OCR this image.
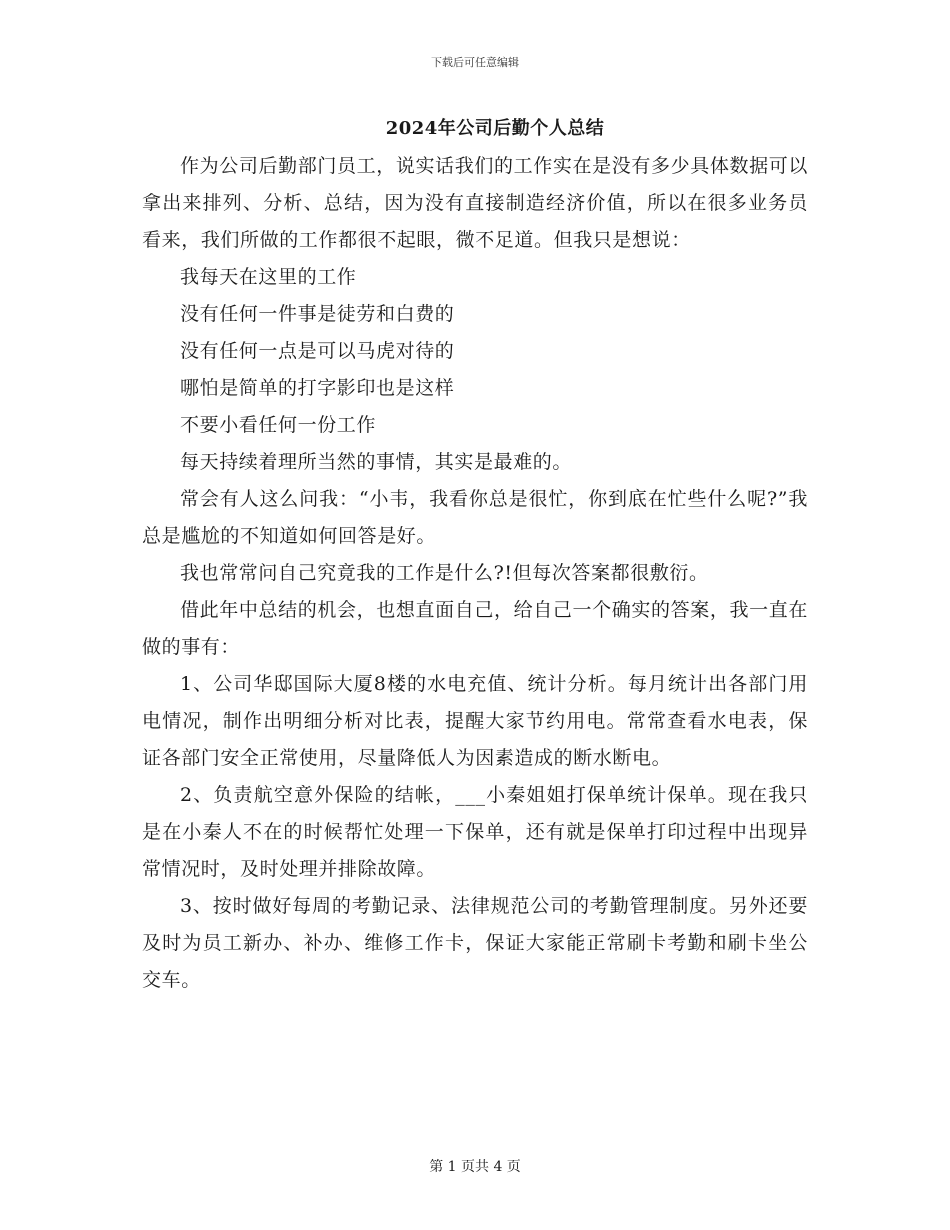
下载后可任意编辑
2024年公司后勤个人总结

作为公司后勤部门员工，说实话我们的工作实在是没有多少具体数据可以拿出来排列、分析、总结，因为没有直接制造经济价值，所以在很多业务员看来，我们所做的工作都很不起眼，微不足道。但我只是想说：

我每天在这里的工作

没有任何一件事是徒劳和白费的

没有任何一点是可以马虎对待的

哪怕是简单的打字影印也是这样

不要小看任何一份工作

每天持续着理所当然的事情，其实是最难的。

常会有人这么问我：“小韦，我看你总是很忙，你到底在忙些什么呢?”我总是尴尬的不知道如何回答是好。

我也常常问自己究竟我的工作是什么?!但每次答案都很敷衍。

借此年中总结的机会，也想直面自己，给自己一个确实的答案，我一直在做的事有：

1、公司华邸国际大厦8楼的水电充值、统计分析。每月统计出各部门用电情况，制作出明细分析对比表，提醒大家节约用电。常常查看水电表，保证各部门安全正常使用，尽量降低人为因素造成的断水断电。

2、负责航空意外保险的结帐，___小秦姐姐打保单统计保单。现在我只是在小秦人不在的时候帮忙处理一下保单，还有就是保单打印过程中出现异常情况时，及时处理并排除故障。

3、按时做好每周的考勤记录、法律规范公司的考勤管理制度。另外还要及时为员工新办、补办、维修工作卡，保证大家能正常刷卡考勤和刷卡坐公交车。

第 1 页共 4 页
